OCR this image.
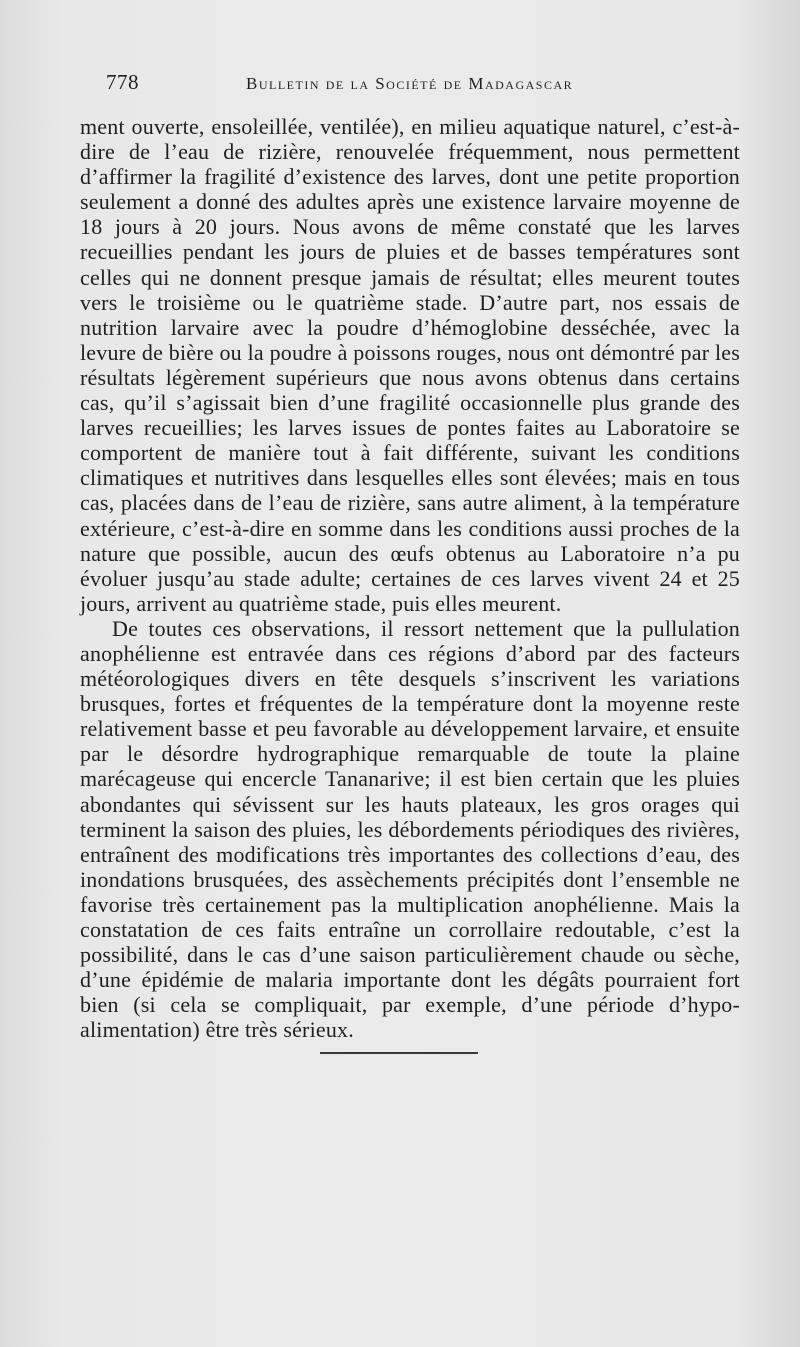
778	Bulletin de la Société de Madagascar

ment ouverte, ensoleillée, ventilée), en milieu aquatique naturel, c’est-à-dire de l’eau de rizière, renouvelée fréquemment, nous permettent d’affirmer la fragilité d’existence des larves, dont une petite proportion seulement a donné des adultes après une existence larvaire moyenne de 18 jours à 20 jours. Nous avons de même constaté que les larves recueillies pendant les jours de pluies et de basses températures sont celles qui ne donnent presque jamais de résultat; elles meurent toutes vers le troisième ou le quatrième stade. D’autre part, nos essais de nutrition larvaire avec la poudre d’hémoglobine desséchée, avec la levure de bière ou la poudre à poissons rouges, nous ont démontré par les résultats légèrement supérieurs que nous avons obtenus dans certains cas, qu’il s’agissait bien d’une fragilité occasionnelle plus grande des larves recueillies; les larves issues de pontes faites au Laboratoire se comportent de manière tout à fait différente, suivant les conditions climatiques et nutritives dans lesquelles elles sont élevées; mais en tous cas, placées dans de l’eau de rizière, sans autre aliment, à la température extérieure, c’est-à-dire en somme dans les conditions aussi proches de la nature que possible, aucun des œufs obtenus au Laboratoire n’a pu évoluer jusqu’au stade adulte; certaines de ces larves vivent 24 et 25 jours, arrivent au quatrième stade, puis elles meurent.

De toutes ces observations, il ressort nettement que la pullulation anophélienne est entravée dans ces régions d’abord par des facteurs météorologiques divers en tête desquels s’inscrivent les variations brusques, fortes et fréquentes de la température dont la moyenne reste relativement basse et peu favorable au développement larvaire, et ensuite par le désordre hydrographique remarquable de toute la plaine marécageuse qui encercle Tananarive; il est bien certain que les pluies abondantes qui sévissent sur les hauts plateaux, les gros orages qui terminent la saison des pluies, les débordements périodiques des rivières, entraînent des modifications très importantes des collections d’eau, des inondations brusquées, des assèchements précipités dont l’ensemble ne favorise très certainement pas la multiplication anophélienne. Mais la constatation de ces faits entraîne un corrollaire redoutable, c’est la possibilité, dans le cas d’une saison particulièrement chaude ou sèche, d’une épidémie de malaria importante dont les dégâts pourraient fort bien (si cela se compliquait, par exemple, d’une période d’hypo-alimentation) être très sérieux.
